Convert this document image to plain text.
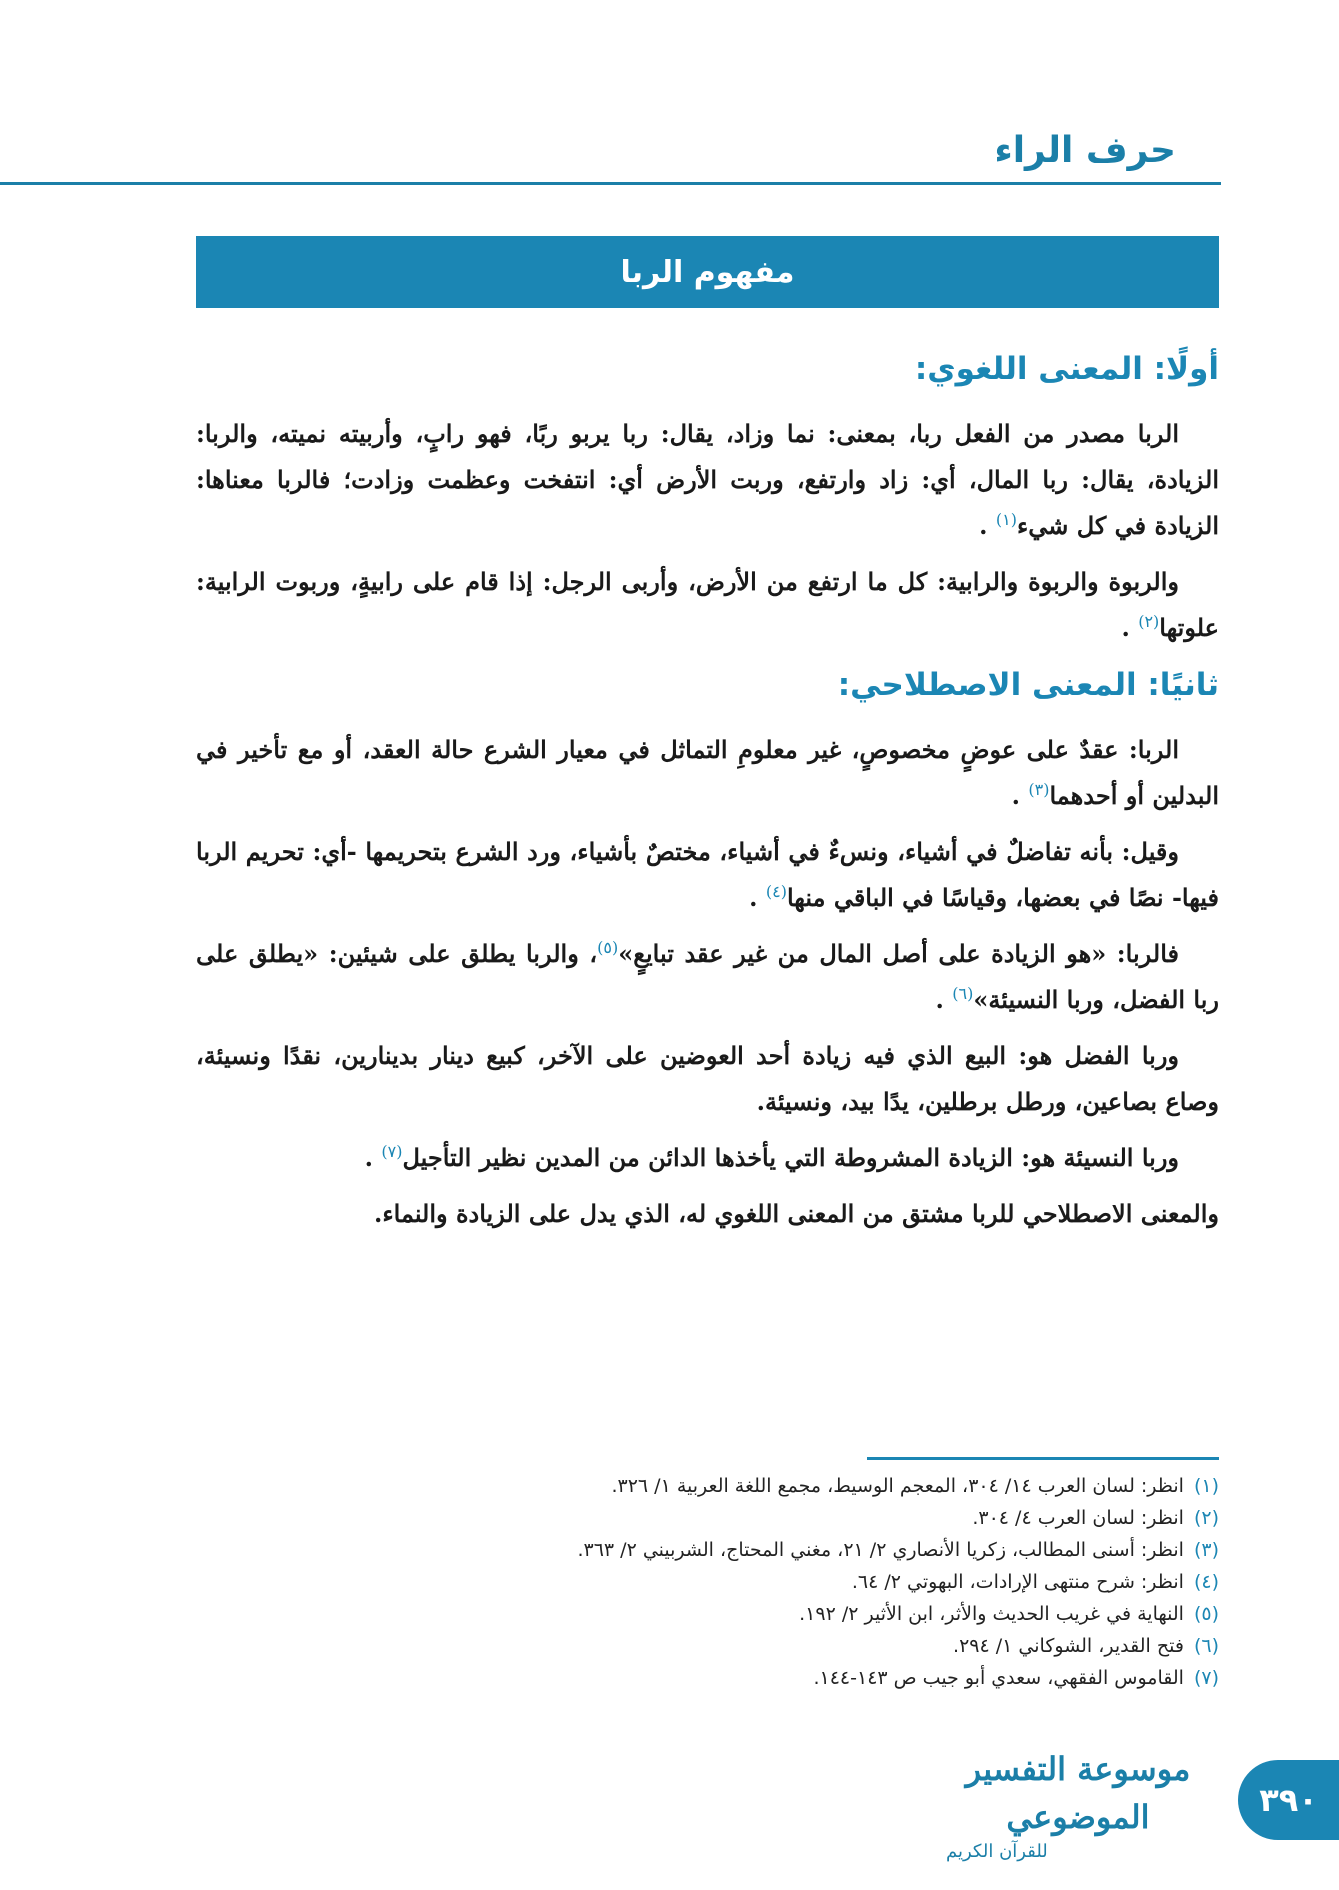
حرف الراء
مفهوم الربا
أولًا: المعنى اللغوي:

الربا مصدر من الفعل ربا، بمعنى: نما وزاد، يقال: ربا يربو ربًا، فهو رابٍ، وأربيته نميته، والربا: الزيادة، يقال: ربا المال، أي: زاد وارتفع، وربت الأرض أي: انتفخت وعظمت وزادت؛ فالربا معناها: الزيادة في كل شيء$^{(١)}$ .

والربوة والربوة والرابية: كل ما ارتفع من الأرض، وأربى الرجل: إذا قام على رابيةٍ، وربوت الرابية: علوتها$^{(٢)}$ .

ثانيًا: المعنى الاصطلاحي:

الربا: عقدٌ على عوضٍ مخصوصٍ، غير معلومِ التماثل في معيار الشرع حالة العقد، أو مع تأخير في البدلين أو أحدهما$^{(٣)}$ .

وقيل: بأنه تفاضلٌ في أشياء، ونسءٌ في أشياء، مختصٌ بأشياء، ورد الشرع بتحريمها -أي: تحريم الربا فيها- نصًا في بعضها، وقياسًا في الباقي منها$^{(٤)}$ .

فالربا: «هو الزيادة على أصل المال من غير عقد تبايعٍ»$^{(٥)}$، والربا يطلق على شيئين: «يطلق على ربا الفضل، وربا النسيئة»$^{(٦)}$ .

وربا الفضل هو: البيع الذي فيه زيادة أحد العوضين على الآخر، كبيع دينار بدينارين، نقدًا ونسيئة، وصاع بصاعين، ورطل برطلين، يدًا بيد، ونسيئة.

وربا النسيئة هو: الزيادة المشروطة التي يأخذها الدائن من المدين نظير التأجيل$^{(٧)}$ .

والمعنى الاصطلاحي للربا مشتق من المعنى اللغوي له، الذي يدل على الزيادة والنماء.

(١)انظر: لسان العرب ١٤/ ٣٠٤، المعجم الوسيط، مجمع اللغة العربية ١/ ٣٢٦.

(٢)انظر: لسان العرب ٤/ ٣٠٤.

(٣)انظر: أسنى المطالب، زكريا الأنصاري ٢/ ٢١، مغني المحتاج، الشربيني ٢/ ٣٦٣.

(٤)انظر: شرح منتهى الإرادات، البهوتي ٢/ ٦٤.

(٥)النهاية في غريب الحديث والأثر، ابن الأثير ٢/ ١٩٢.

(٦)فتح القدير، الشوكاني ١/ ٢٩٤.

(٧)القاموس الفقهي، سعدي أبو جيب ص ١٤٣-١٤٤.

موسوعة التفسير الموضوعي
للقرآن الكريم
٣٩٠
